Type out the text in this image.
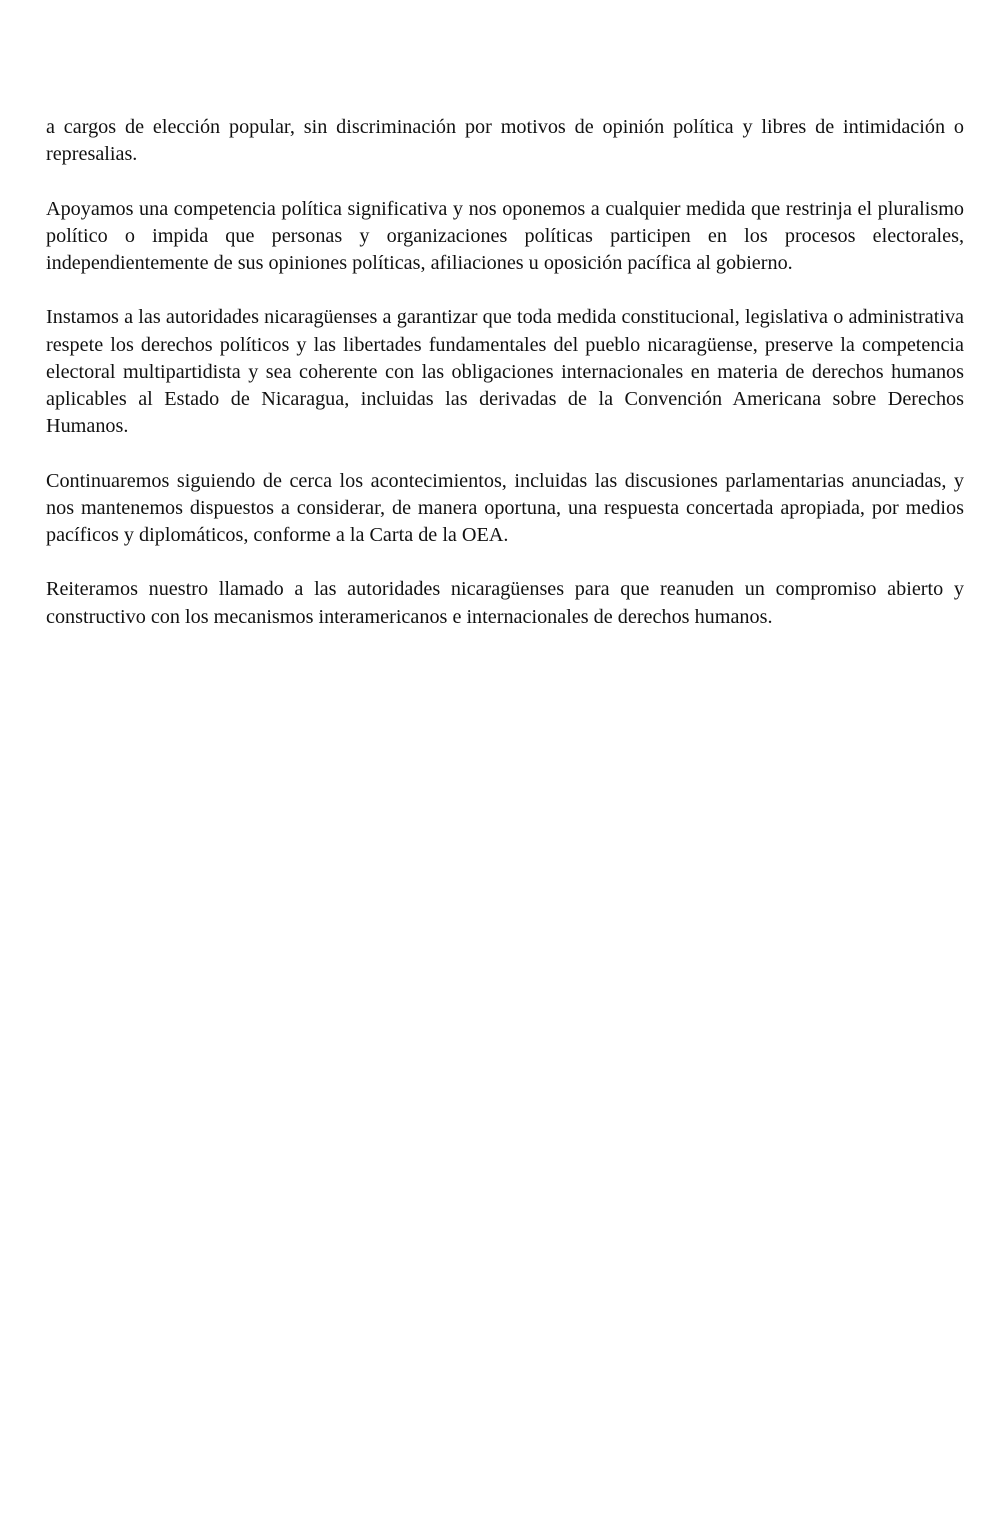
a cargos de elección popular, sin discriminación por motivos de opinión política y libres de intimidación o represalias.

Apoyamos una competencia política significativa y nos oponemos a cualquier medida que restrinja el pluralismo político o impida que personas y organizaciones políticas participen en los procesos electorales, independientemente de sus opiniones políticas, afiliaciones u oposición pacífica al gobierno.

Instamos a las autoridades nicaragüenses a garantizar que toda medida constitucional, legislativa o administrativa respete los derechos políticos y las libertades fundamentales del pueblo nicaragüense, preserve la competencia electoral multipartidista y sea coherente con las obligaciones internacionales en materia de derechos humanos aplicables al Estado de Nicaragua, incluidas las derivadas de la Convención Americana sobre Derechos Humanos.

Continuaremos siguiendo de cerca los acontecimientos, incluidas las discusiones parlamentarias anunciadas, y nos mantenemos dispuestos a considerar, de manera oportuna, una respuesta concertada apropiada, por medios pacíficos y diplomáticos, conforme a la Carta de la OEA.

Reiteramos nuestro llamado a las autoridades nicaragüenses para que reanuden un compromiso abierto y constructivo con los mecanismos interamericanos e internacionales de derechos humanos.
